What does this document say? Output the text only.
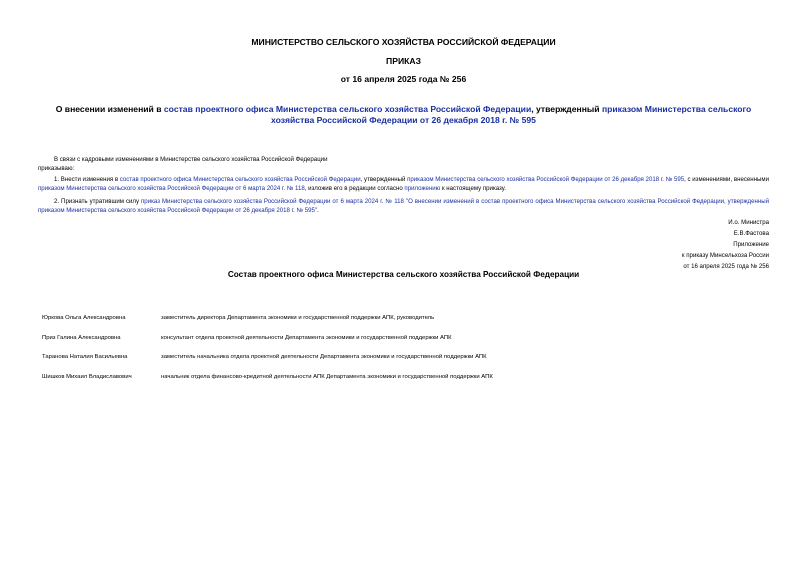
МИНИСТЕРСТВО СЕЛЬСКОГО ХОЗЯЙСТВА РОССИЙСКОЙ ФЕДЕРАЦИИ
ПРИКАЗ
от 16 апреля 2025 года № 256
О внесении изменений в состав проектного офиса Министерства сельского хозяйства Российской Федерации, утвержденный приказом Министерства сельского хозяйства Российской Федерации от 26 декабря 2018 г. № 595
В связи с кадровыми изменениями в Министерстве сельского хозяйства Российской Федерации
приказываю:
1. Внести изменения в состав проектного офиса Министерства сельского хозяйства Российской Федерации, утвержденный приказом Министерства сельского хозяйства Российской Федерации от 26 декабря 2018 г. № 595, с изменениями, внесенными приказом Министерства сельского хозяйства Российской Федерации от 6 марта 2024 г. № 118, изложив его в редакции согласно приложению к настоящему приказу.
2. Признать утратившим силу приказ Министерства сельского хозяйства Российской Федерации от 6 марта 2024 г. № 118 "О внесении изменений в состав проектного офиса Министерства сельского хозяйства Российской Федерации, утвержденный приказом Министерства сельского хозяйства Российской Федерации от 26 декабря 2018 г. № 595".
И.о. Министра
Е.В.Фастова
Приложение
к приказу Минсельхоза России
от 16 апреля 2025 года № 256
Состав проектного офиса Министерства сельского хозяйства Российской Федерации
Юркова Ольга Александровна	заместитель директора Департамента экономики и государственной поддержки АПК, руководитель
Приз Галина Александровна	консультант отдела проектной деятельности Департамента экономики и государственной поддержки АПК
Таранова Наталия Васильевна	заместитель начальника отдела проектной деятельности Департамента экономики и государственной поддержки АПК
Шишков Михаил Владиславович	начальник отдела финансово-кредитной деятельности АПК Департамента экономики и государственной поддержки АПК
